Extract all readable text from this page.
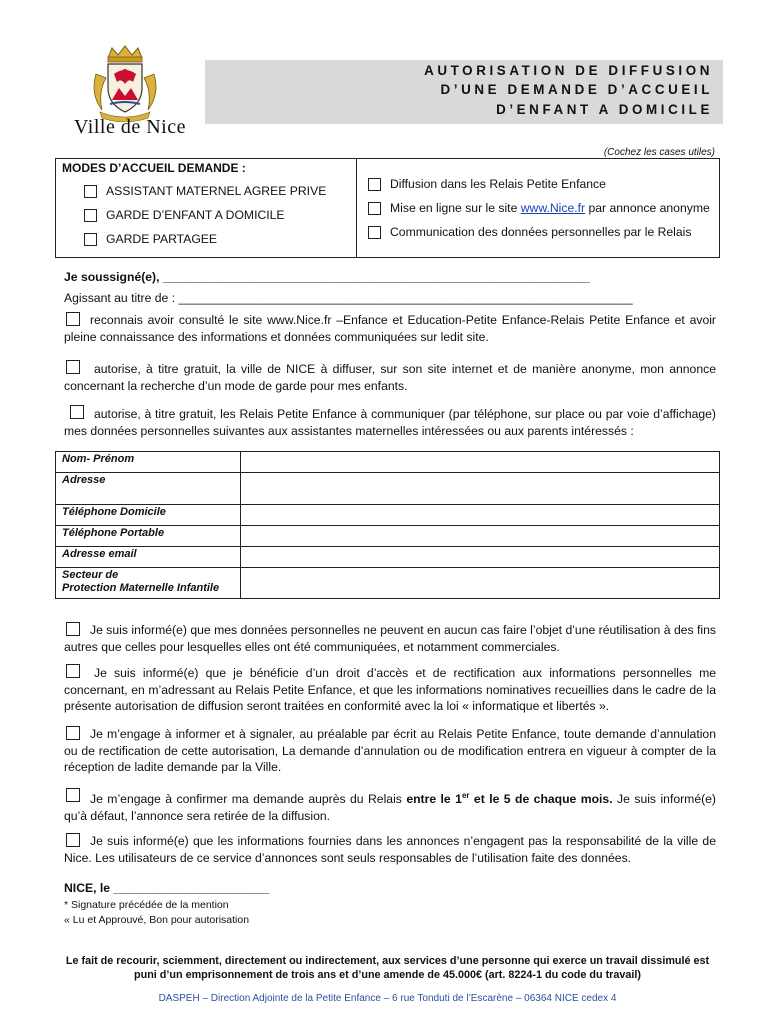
Ville de Nice
AUTORISATION DE DIFFUSION
D’UNE DEMANDE D’ACCUEIL
D’ENFANT A DOMICILE
(Cochez les cases utiles)
MODES D’ACCUEIL DEMANDE :
ASSISTANT MATERNEL AGREE PRIVE
GARDE D’ENFANT A DOMICILE
GARDE PARTAGEE
Diffusion dans les Relais Petite Enfance
Mise en ligne sur le site www.Nice.fr par annonce anonyme
Communication des données personnelles par le Relais
Je soussigné(e), _______________________________________________________________
Agissant au titre de : ___________________________________________________________________
reconnais avoir consulté le site www.Nice.fr –Enfance et Education-Petite Enfance-Relais Petite Enfance et avoir pleine connaissance des informations et données communiquées sur ledit site.
autorise, à titre gratuit, la ville de NICE à diffuser, sur son site internet et de manière anonyme, mon annonce concernant la recherche d’un mode de garde pour mes enfants.
autorise, à titre gratuit, les Relais Petite Enfance à communiquer (par téléphone, sur place ou par voie d’affichage) mes données personnelles suivantes aux assistantes maternelles intéressées ou aux parents intéressés :
Nom- Prénom	
Adresse	
Téléphone Domicile	
Téléphone Portable	
Adresse email	
Secteur de
Protection Maternelle Infantile	
Je suis informé(e) que mes données personnelles ne peuvent en aucun cas faire l’objet d’une réutilisation à des fins autres que celles pour lesquelles elles ont été communiquées, et notamment commerciales.
Je suis informé(e) que je bénéficie d’un droit d’accès et de rectification aux informations personnelles me concernant, en m’adressant au Relais Petite Enfance, et que les informations nominatives recueillies dans le cadre de la présente autorisation de diffusion seront traitées en conformité avec la loi « informatique et libertés ».
Je m’engage à informer et à signaler, au préalable par écrit au Relais Petite Enfance, toute demande d’annulation ou de rectification de cette autorisation, La demande d’annulation ou de modification entrera en vigueur à compter de la réception de ladite demande par la Ville.
Je m’engage à confirmer ma demande auprès du Relais entre le 1er et le 5 de chaque mois. Je suis informé(e) qu’à défaut, l’annonce sera retirée de la diffusion.
Je suis informé(e) que les informations fournies dans les annonces n’engagent pas la responsabilité de la ville de Nice. Les utilisateurs de ce service d’annonces sont seuls responsables de l’utilisation faite des données.
NICE, le _______________________
* Signature précédée de la mention
« Lu et Approuvé, Bon pour autorisation
Le fait de recourir, sciemment, directement ou indirectement, aux services d’une personne qui exerce un travail dissimulé est puni d’un emprisonnement de trois ans et d’une amende de 45.000€ (art. 8224-1 du code du travail)
DASPEH – Direction Adjointe de la Petite Enfance – 6 rue Tonduti de l’Escarène – 06364 NICE cedex 4
